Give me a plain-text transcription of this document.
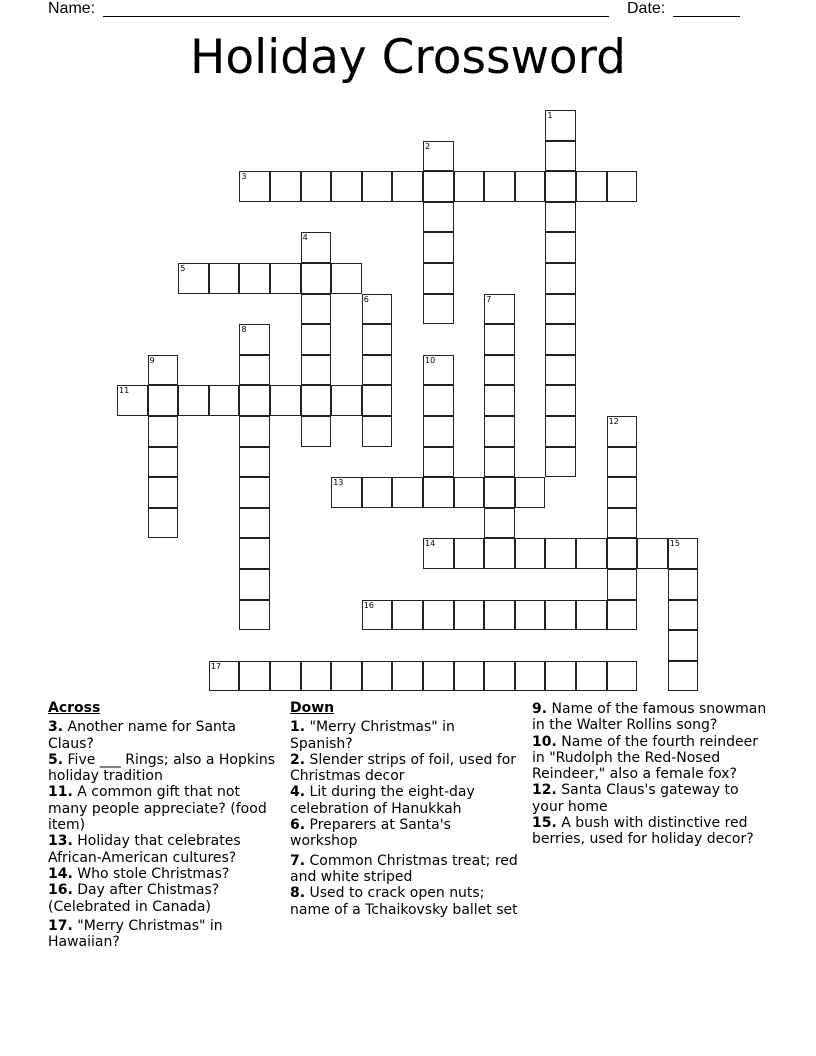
Name:	Date:
Holiday Crossword
1
2
3
4
5
6	7
8
9	10
11
12
13
14	15
16
17
Across
3. Another name for Santa Claus?
5. Five ___ Rings; also a Hopkins holiday tradition
11. A common gift that not many people appreciate? (food item)
13. Holiday that celebrates African-American cultures?
14. Who stole Christmas?
16. Day after Chistmas? (Celebrated in Canada)
17. "Merry Christmas" in Hawaiian?
Down
1. "Merry Christmas" in Spanish?
2. Slender strips of foil, used for Christmas decor
4. Lit during the eight-day celebration of Hanukkah
6. Preparers at Santa's workshop
7. Common Christmas treat; red and white striped
8. Used to crack open nuts; name of a Tchaikovsky ballet set
9. Name of the famous snowman in the Walter Rollins song?
10. Name of the fourth reindeer in "Rudolph the Red-Nosed Reindeer," also a female fox?
12. Santa Claus's gateway to your home
15. A bush with distinctive red berries, used for holiday decor?
